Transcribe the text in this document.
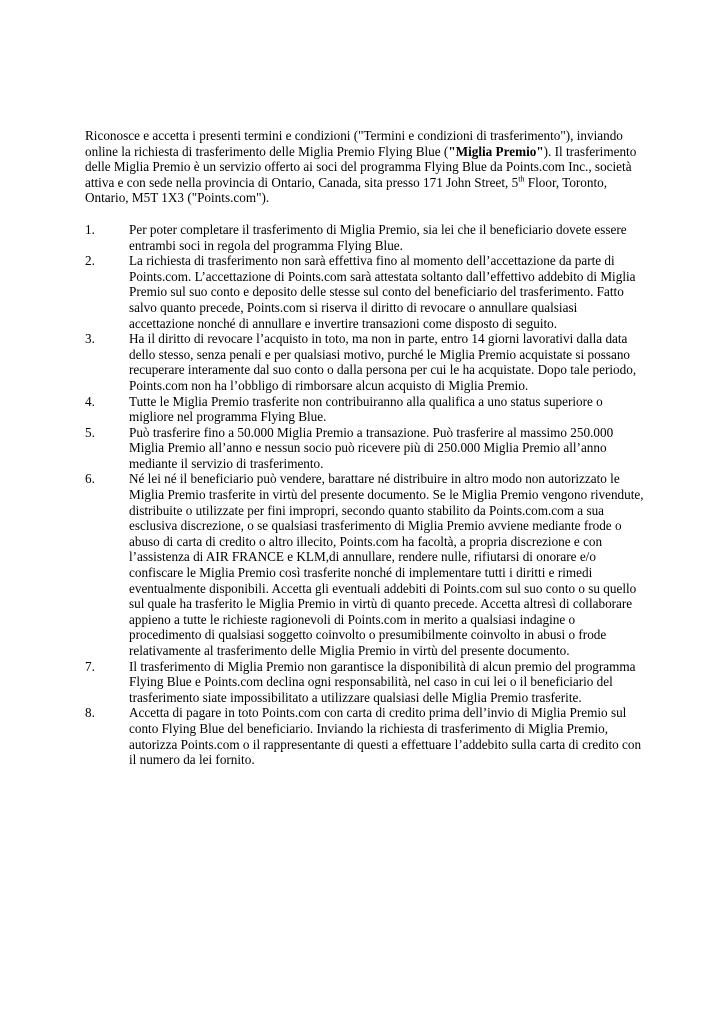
Riconosce e accetta i presenti termini e condizioni ("Termini e condizioni di trasferimento"), inviando online la richiesta di trasferimento delle Miglia Premio Flying Blue ("Miglia Premio"). Il trasferimento delle Miglia Premio è un servizio offerto ai soci del programma Flying Blue da Points.com Inc., società attiva e con sede nella provincia di Ontario, Canada, sita presso 171 John Street, 5th Floor, Toronto, Ontario, M5T 1X3 ("Points.com").

1.	Per poter completare il trasferimento di Miglia Premio, sia lei che il beneficiario dovete essere entrambi soci in regola del programma Flying Blue.
2.	La richiesta di trasferimento non sarà effettiva fino al momento dell’accettazione da parte di Points.com. L’accettazione di Points.com sarà attestata soltanto dall’effettivo addebito di Miglia Premio sul suo conto e deposito delle stesse sul conto del beneficiario del trasferimento. Fatto salvo quanto precede, Points.com si riserva il diritto di revocare o annullare qualsiasi accettazione nonché di annullare e invertire transazioni come disposto di seguito.
3.	Ha il diritto di revocare l’acquisto in toto, ma non in parte, entro 14 giorni lavorativi dalla data dello stesso, senza penali e per qualsiasi motivo, purché le Miglia Premio acquistate si possano recuperare interamente dal suo conto o dalla persona per cui le ha acquistate. Dopo tale periodo, Points.com non ha l’obbligo di rimborsare alcun acquisto di Miglia Premio.
4.	Tutte le Miglia Premio trasferite non contribuiranno alla qualifica a uno status superiore o migliore nel programma Flying Blue.
5.	Può trasferire fino a 50.000 Miglia Premio a transazione. Può trasferire al massimo 250.000 Miglia Premio all’anno e nessun socio può ricevere più di 250.000 Miglia Premio all’anno mediante il servizio di trasferimento.
6.	Né lei né il beneficiario può vendere, barattare né distribuire in altro modo non autorizzato le Miglia Premio trasferite in virtù del presente documento. Se le Miglia Premio vengono rivendute, distribuite o utilizzate per fini impropri, secondo quanto stabilito da Points.com.com a sua esclusiva discrezione, o se qualsiasi trasferimento di Miglia Premio avviene mediante frode o abuso di carta di credito o altro illecito, Points.com ha facoltà, a propria discrezione e con l’assistenza di AIR FRANCE e KLM,di annullare, rendere nulle, rifiutarsi di onorare e/o confiscare le Miglia Premio così trasferite nonché di implementare tutti i diritti e rimedi eventualmente disponibili. Accetta gli eventuali addebiti di Points.com sul suo conto o su quello sul quale ha trasferito le Miglia Premio in virtù di quanto precede. Accetta altresì di collaborare appieno a tutte le richieste ragionevoli di Points.com in merito a qualsiasi indagine o procedimento di qualsiasi soggetto coinvolto o presumibilmente coinvolto in abusi o frode relativamente al trasferimento delle Miglia Premio in virtù del presente documento.
7.	Il trasferimento di Miglia Premio non garantisce la disponibilità di alcun premio del programma Flying Blue e Points.com declina ogni responsabilità, nel caso in cui lei o il beneficiario del trasferimento siate impossibilitato a utilizzare qualsiasi delle Miglia Premio trasferite.
8.	Accetta di pagare in toto Points.com con carta di credito prima dell’invio di Miglia Premio sul conto Flying Blue del beneficiario. Inviando la richiesta di trasferimento di Miglia Premio, autorizza Points.com o il rappresentante di questi a effettuare l’addebito sulla carta di credito con il numero da lei fornito.
